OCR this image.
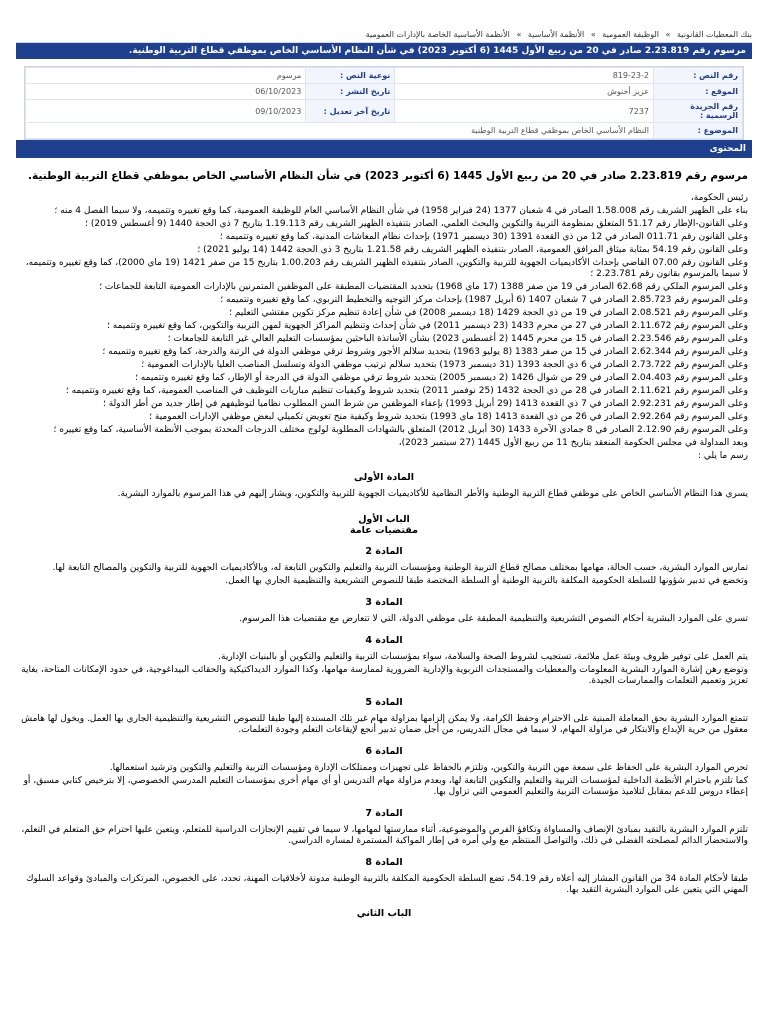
بنك المعطيات القانونية » الوظيفة العمومية » الأنظمة الأساسية » الأنظمة الأساسية الخاصة بالإدارات العمومية
مرسوم رقم 2.23.819 صادر في 20 من ربيع الأول 1445 (6 أكتوبر 2023) في شأن النظام الأساسي الخاص بموظفي قطاع التربية الوطنية.
رقم النص :	819-23-2	نوعية النص :	مرسوم
الموقع :	عزيز أخنوش	تاريخ النشر :	06/10/2023
رقم الجريدة الرسمية :	7237	تاريخ آخر تعديل :	09/10/2023
الموضوع :	النظام الأساسي الخاص بموظفي قطاع التربية الوطنية		
المحتوى
مرسوم رقم 2.23.819 صادر في 20 من ربيع الأول 1445 (6 أكتوبر 2023) في شأن النظام الأساسي الخاص بموظفي قطاع التربية الوطنية.

رئيس الحكومة،

بناء على الظهير الشريف رقم 1.58.008 الصادر في 4 شعبان 1377 (24 فبراير 1958) في شأن النظام الأساسي العام للوظيفة العمومية، كما وقع تغييره وتتميمه، ولا سيما الفصل 4 منه ؛

وعلى القانون-الإطار رقم 51.17 المتعلق بمنظومة التربية والتكوين والبحث العلمي، الصادر بتنفيذه الظهير الشريف رقم 1.19.113 بتاريخ 7 ذي الحجة 1440 (9 أغسطس 2019) ؛

وعلى القانون رقم 011.71 الصادر في 12 من ذي القعدة 1391 (30 ديسمبر 1971) بإحداث نظام المعاشات المدنية، كما وقع تغييره وتتميمه ؛

وعلى القانون رقم 54.19 بمثابة ميثاق المرافق العمومية، الصادر بتنفيذه الظهير الشريف رقم 1.21.58 بتاريخ 3 ذي الحجة 1442 (14 يوليو 2021) ؛

وعلى القانون رقم 07.00 القاضي بإحداث الأكاديميات الجهوية للتربية والتكوين، الصادر بتنفيذه الظهير الشريف رقم 1.00.203 بتاريخ 15 من صفر 1421 (19 ماي 2000)، كما وقع تغييره وتتميمه، لا سيما بالمرسوم بقانون رقم 2.23.781 ؛

وعلى المرسوم الملكي رقم 62.68 الصادر في 19 من صفر 1388 (17 ماي 1968) بتحديد المقتضيات المطبقة على الموظفين المتمرنين بالإدارات العمومية التابعة للجماعات ؛

وعلى المرسوم رقم 2.85.723 الصادر في 7 شعبان 1407 (6 أبريل 1987) بإحداث مركز التوجيه والتخطيط التربوي، كما وقع تغييره وتتميمه ؛

وعلى المرسوم رقم 2.08.521 الصادر في 19 من ذي الحجة 1429 (18 ديسمبر 2008) في شأن إعادة تنظيم مركز تكوين مفتشي التعليم ؛

وعلى المرسوم رقم 2.11.672 الصادر في 27 من محرم 1433 (23 ديسمبر 2011) في شأن إحداث وتنظيم المراكز الجهوية لمهن التربية والتكوين، كما وقع تغييره وتتميمه ؛

وعلى المرسوم رقم 2.23.546 الصادر في 15 من محرم 1445 (2 أغسطس 2023) بشأن الأساتذة الباحثين بمؤسسات التعليم العالي غير التابعة للجامعات ؛

وعلى المرسوم رقم 2.62.344 الصادر في 15 من صفر 1383 (8 يوليو 1963) بتحديد سلالم الأجور وشروط ترقي موظفي الدولة في الرتبة والدرجة، كما وقع تغييره وتتميمه ؛

وعلى المرسوم رقم 2.73.722 الصادر في 6 ذي الحجة 1393 (31 ديسمبر 1973) بتحديد سلالم ترتيب موظفي الدولة وتسلسل المناصب العليا بالإدارات العمومية ؛

وعلى المرسوم رقم 2.04.403 الصادر في 29 من شوال 1426 (2 ديسمبر 2005) بتحديد شروط ترقي موظفي الدولة في الدرجة أو الإطار، كما وقع تغييره وتتميمه ؛

وعلى المرسوم رقم 2.11.621 الصادر في 28 من ذي الحجة 1432 (25 نوفمبر 2011) بتحديد شروط وكيفيات تنظيم مباريات التوظيف في المناصب العمومية، كما وقع تغييره وتتميمه ؛

وعلى المرسوم رقم 2.92.231 الصادر في 7 ذي القعدة 1413 (29 أبريل 1993) بإعفاء الموظفين من شرط السن المطلوب نظاميا لتوظيفهم في إطار جديد من أطر الدولة ؛

وعلى المرسوم رقم 2.92.264 الصادر في 26 من ذي القعدة 1413 (18 ماي 1993) بتحديد شروط وكيفية منح تعويض تكميلي لبعض موظفي الإدارات العمومية ؛

وعلى المرسوم رقم 2.12.90 الصادر في 8 جمادى الآخرة 1433 (30 أبريل 2012) المتعلق بالشهادات المطلوبة لولوج مختلف الدرجات المحدثة بموجب الأنظمة الأساسية، كما وقع تغييره ؛

وبعد المداولة في مجلس الحكومة المنعقد بتاريخ 11 من ربيع الأول 1445 (27 سبتمبر 2023)،

رسم ما يلي :

المادة الأولى

يسري هذا النظام الأساسي الخاص على موظفي قطاع التربية الوطنية والأطر النظامية للأكاديميات الجهوية للتربية والتكوين، ويشار إليهم في هذا المرسوم بالموارد البشرية.

الباب الأول
مقتضيات عامة
المادة 2

تمارس الموارد البشرية، حسب الحالة، مهامها بمختلف مصالح قطاع التربية الوطنية ومؤسسات التربية والتعليم والتكوين التابعة له، وبالأكاديميات الجهوية للتربية والتكوين والمصالح التابعة لها.

وتخضع في تدبير شؤونها للسلطة الحكومية المكلفة بالتربية الوطنية أو السلطة المختصة طبقا للنصوص التشريعية والتنظيمية الجاري بها العمل.

المادة 3

تسري على الموارد البشرية أحكام النصوص التشريعية والتنظيمية المطبقة على موظفي الدولة، التي لا تتعارض مع مقتضيات هذا المرسوم.

المادة 4

يتم العمل على توفير ظروف وبيئة عمل ملائمة، تستجيب لشروط الصحة والسلامة، سواء بمؤسسات التربية والتعليم والتكوين أو بالبنيات الإدارية.

وتوضع رهن إشارة الموارد البشرية المعلومات والمعطيات والمستجدات التربوية والإدارية الضرورية لممارسة مهامها، وكذا الموارد الديداكتيكية والحقائب البيداغوجية، في حدود الإمكانات المتاحة، بغاية تعزيز وتعميم التعلمات والممارسات الجيدة.

المادة 5

تتمتع الموارد البشرية بحق المعاملة المبنية على الاحترام وحفظ الكرامة، ولا يمكن إلزامها بمزاولة مهام غير تلك المسندة إليها طبقا للنصوص التشريعية والتنظيمية الجاري بها العمل. ويخول لها هامش معقول من حرية الإبداع والابتكار في مزاولة المهام، لا سيما في مجال التدريس، من أجل ضمان تدبير أنجع لإيقاعات التعلم وجودة التعلمات.

المادة 6

تحرص الموارد البشرية على الحفاظ على سمعة مهن التربية والتكوين، وتلتزم بالحفاظ على تجهيزات وممتلكات الإدارة ومؤسسات التربية والتعليم والتكوين وترشيد استعمالها.

كما تلتزم باحترام الأنظمة الداخلية لمؤسسات التربية والتعليم والتكوين التابعة لها، وبعدم مزاولة مهام التدريس أو أي مهام أخرى بمؤسسات التعليم المدرسي الخصوصي، إلا بترخيص كتابي مسبق، أو إعطاء دروس للدعم بمقابل لتلاميذ مؤسسات التربية والتعليم العمومي التي تزاول بها.

المادة 7

تلتزم الموارد البشرية بالتقيد بمبادئ الإنصاف والمساواة وتكافؤ الفرص والموضوعية، أثناء ممارستها لمهامها، لا سيما في تقييم الإنجازات الدراسية للمتعلم، ويتعين عليها احترام حق المتعلم في التعلم، والاستحضار الدائم لمصلحته الفضلى في ذلك، والتواصل المنتظم مع ولي أمره في إطار المواكبة المستمرة لمساره الدراسي.

المادة 8

طبقا لأحكام المادة 34 من القانون المشار إليه أعلاه رقم 54.19، تضع السلطة الحكومية المكلفة بالتربية الوطنية مدونة لأخلاقيات المهنة، تحدد، على الخصوص، المرتكزات والمبادئ وقواعد السلوك المهني التي يتعين على الموارد البشرية التقيد بها.

الباب الثاني
